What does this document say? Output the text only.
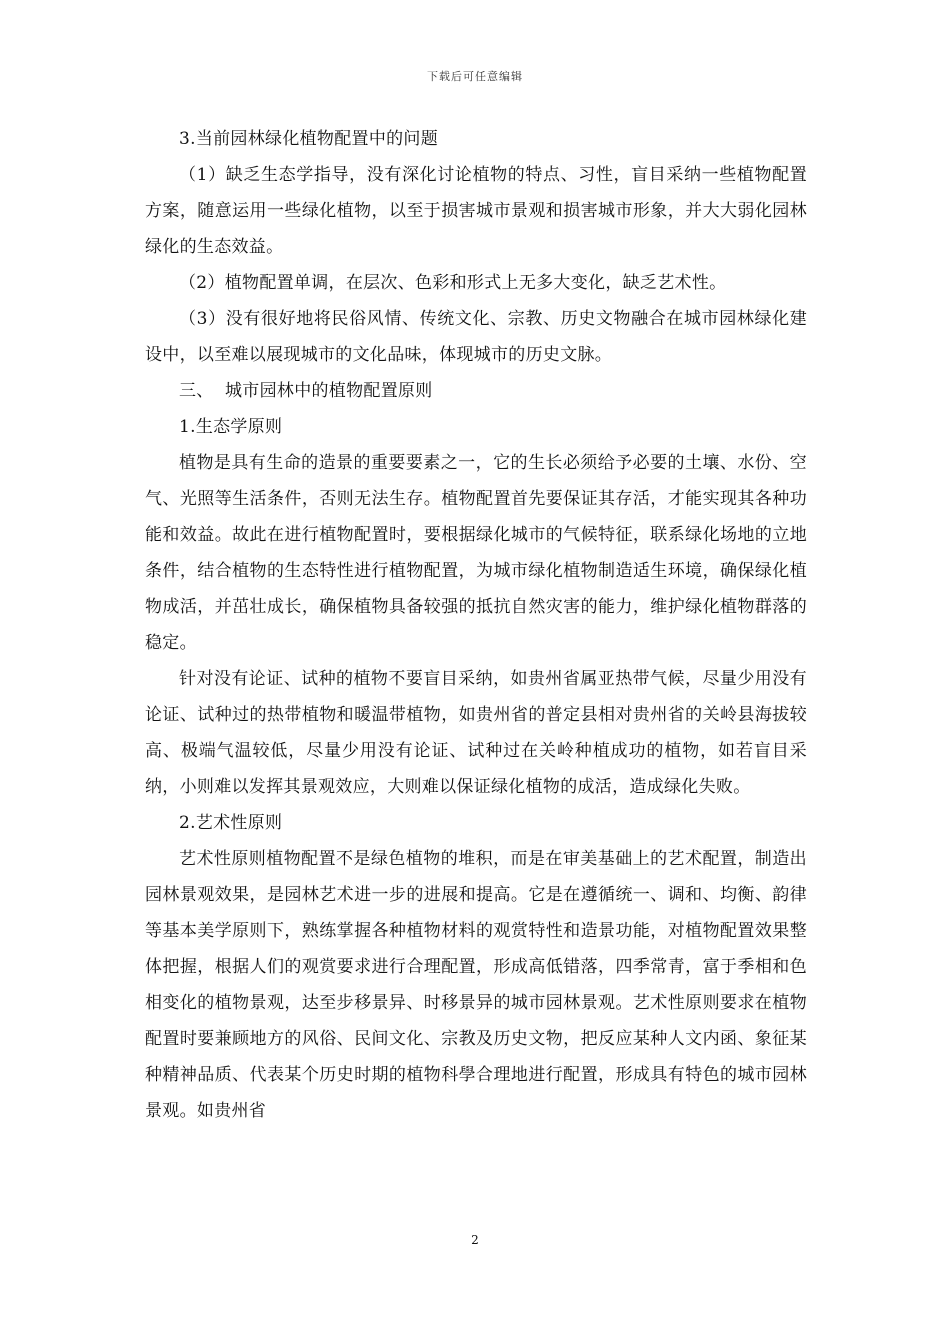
下载后可任意编辑

3.当前园林绿化植物配置中的问题

（1）缺乏生态学指导，没有深化讨论植物的特点、习性，盲目采纳一些植物配置方案，随意运用一些绿化植物，以至于损害城市景观和损害城市形象，并大大弱化园林绿化的生态效益。

（2）植物配置单调，在层次、色彩和形式上无多大变化，缺乏艺术性。

（3）没有很好地将民俗风情、传统文化、宗教、历史文物融合在城市园林绿化建设中，以至难以展现城市的文化品味，体现城市的历史文脉。

三、  城市园林中的植物配置原则

1.生态学原则

植物是具有生命的造景的重要要素之一，它的生长必须给予必要的土壤、水份、空气、光照等生活条件，否则无法生存。植物配置首先要保证其存活，才能实现其各种功能和效益。故此在进行植物配置时，要根据绿化城市的气候特征，联系绿化场地的立地条件，结合植物的生态特性进行植物配置，为城市绿化植物制造适生环境，确保绿化植物成活，并茁壮成长，确保植物具备较强的抵抗自然灾害的能力，维护绿化植物群落的稳定。

针对没有论证、试种的植物不要盲目采纳，如贵州省属亚热带气候，尽量少用没有论证、试种过的热带植物和暖温带植物，如贵州省的普定县相对贵州省的关岭县海拔较高、极端气温较低，尽量少用没有论证、试种过在关岭种植成功的植物，如若盲目采纳，小则难以发挥其景观效应，大则难以保证绿化植物的成活，造成绿化失败。

2.艺术性原则

艺术性原则植物配置不是绿色植物的堆积，而是在审美基础上的艺术配置，制造出园林景观效果，是园林艺术进一步的进展和提高。它是在遵循统一、调和、均衡、韵律等基本美学原则下，熟练掌握各种植物材料的观赏特性和造景功能，对植物配置效果整体把握，根据人们的观赏要求进行合理配置，形成高低错落，四季常青，富于季相和色相变化的植物景观，达至步移景异、时移景异的城市园林景观。艺术性原则要求在植物配置时要兼顾地方的风俗、民间文化、宗教及历史文物，把反应某种人文内函、象征某种精神品质、代表某个历史时期的植物科學合理地进行配置，形成具有特色的城市园林景观。如贵州省

2
